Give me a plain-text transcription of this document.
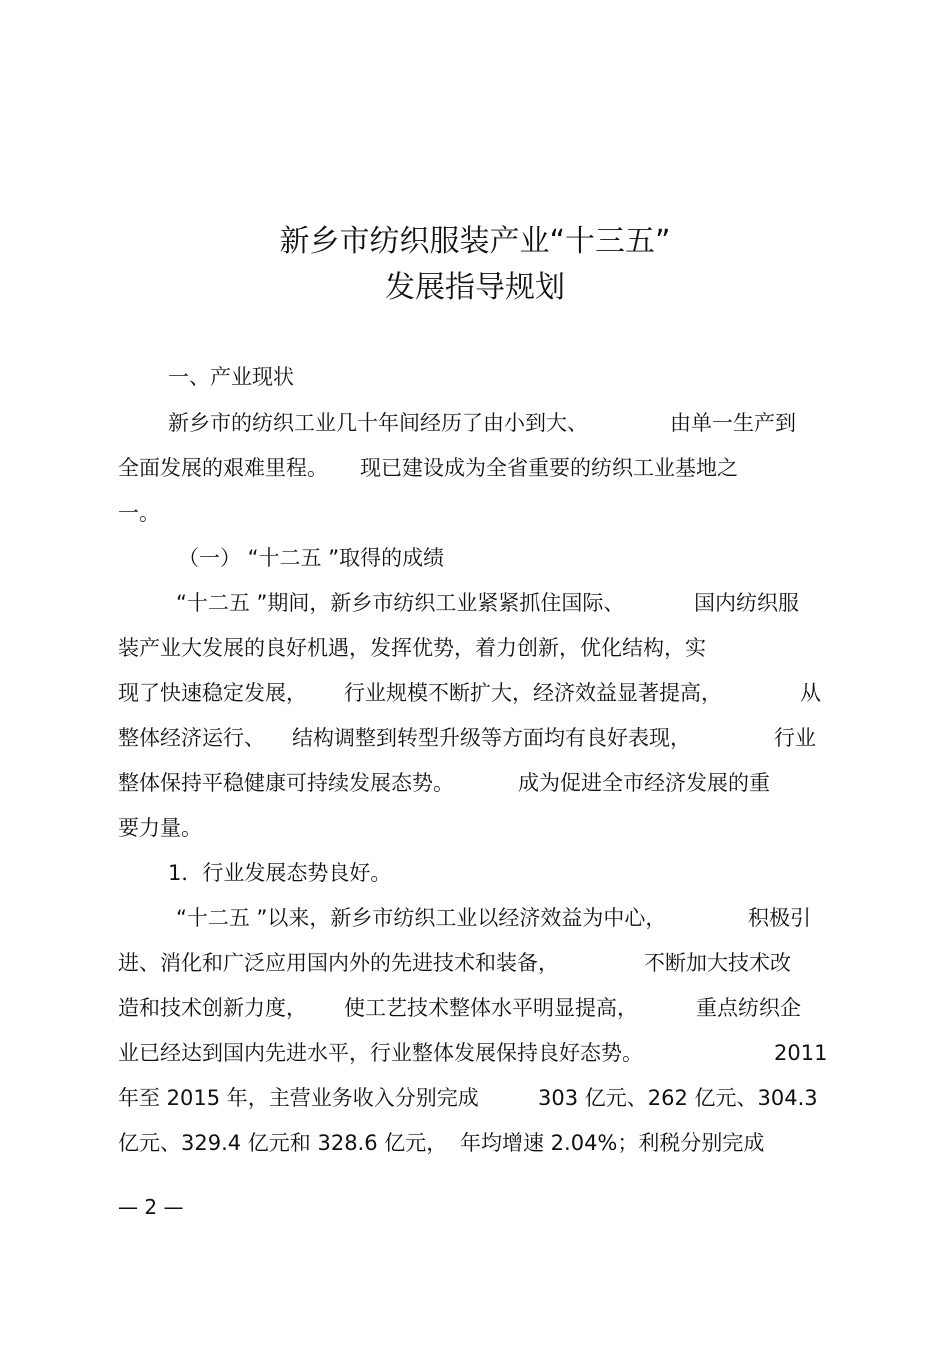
新乡市纺织服装产业“十三五”
发展指导规划
一、产业现状
新乡市的纺织工业几十年间经历了由小到大、	由单一生产到
全面发展的艰难里程。 现已建设成为全省重要的纺织工业基地之
一。
（一） “十二五 ”取得的成绩
“十二五 ”期间，新乡市纺织工业紧紧抓住国际、	国内纺织服
装产业大发展的良好机遇，发挥优势，着力创新，优化结构，实
现了快速稳定发展， 行业规模不断扩大，经济效益显著提高，	从
整体经济运行、 结构调整到转型升级等方面均有良好表现，	行业
整体保持平稳健康可持续发展态势。	成为促进全市经济发展的重
要力量。
1．行业发展态势良好。
“十二五 ”以来，新乡市纺织工业以经济效益为中心，	积极引
进、消化和广泛应用国内外的先进技术和装备，	不断加大技术改
造和技术创新力度， 使工艺技术整体水平明显提高，	重点纺织企
业已经达到国内先进水平，行业整体发展保持良好态势。	2011
年至 2015 年，主营业务收入分别完成	303 亿元、262 亿元、304.3
亿元、329.4 亿元和 328.6 亿元， 年均增速 2.04%；利税分别完成
— 2 —
